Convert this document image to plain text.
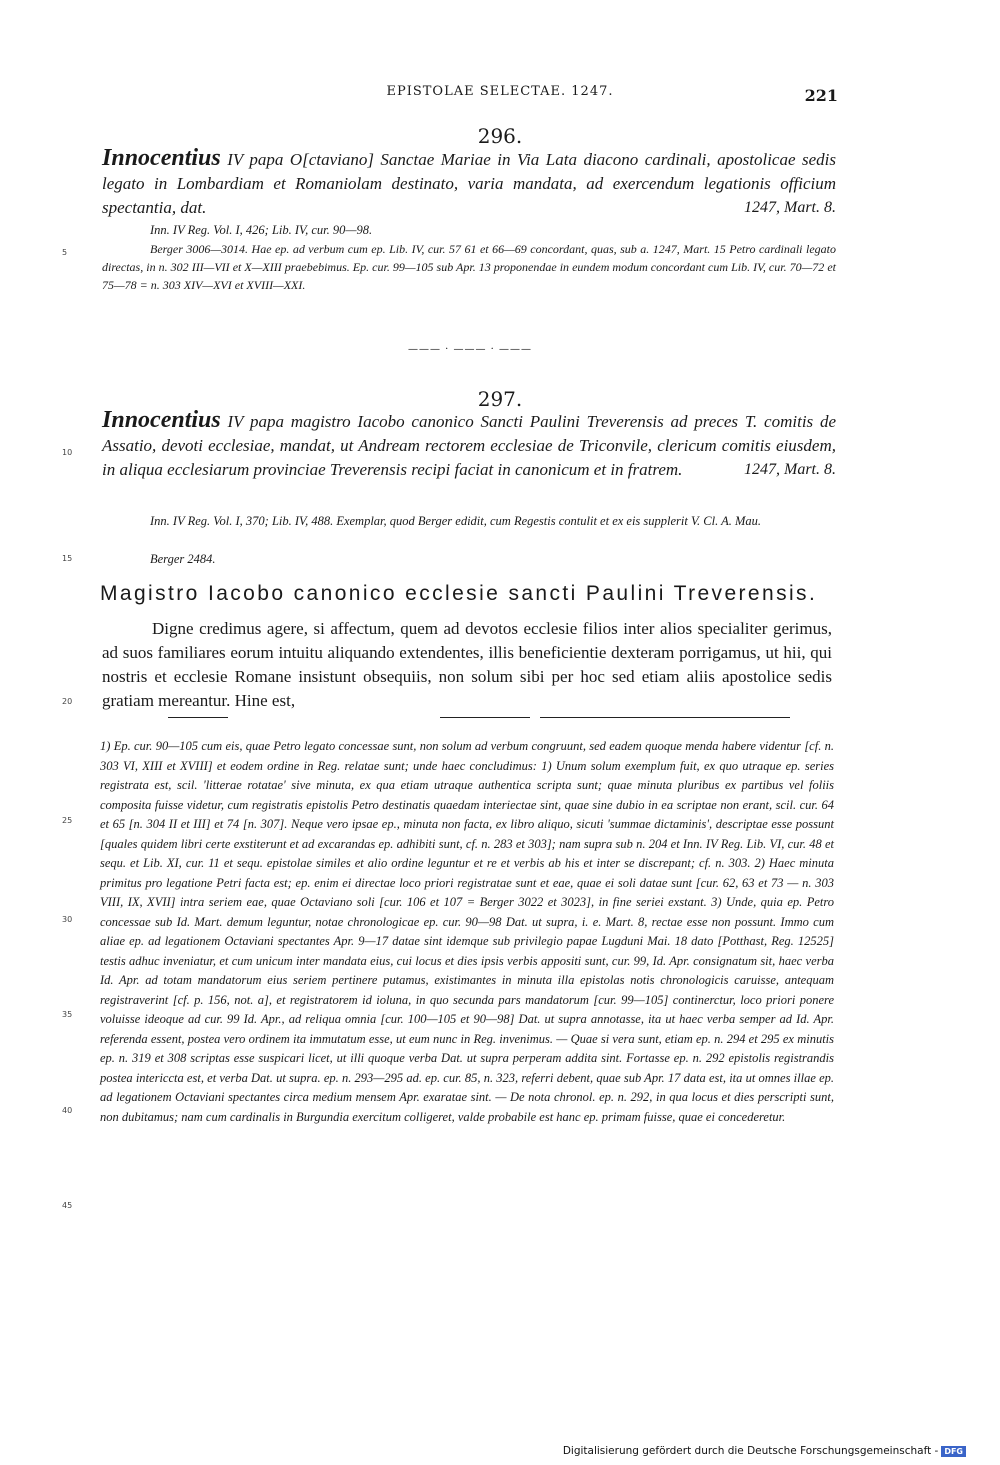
EPISTOLAE SELECTAE. 1247.	221
296.
Innocentius IV papa O[ctaviano] Sanctae Mariae in Via Lata diacono cardinali, apostolicae sedis legato in Lombardiam et Romaniolam destinato, varia mandata, ad exercendum legationis officium spectantia, dat.	1247, Mart. 8.
Inn. IV Reg. Vol. I, 426; Lib. IV, cur. 90—98.
Berger 3006—3014. Hae ep. ad verbum cum ep. Lib. IV, cur. 57 61 et 66—69 concordant, quas, sub a. 1247, Mart. 15 Petro cardinali legato directas, in n. 302 III—VII et X—XIII praebebimus. Ep. cur. 99—105 sub Apr. 13 proponendae in eundem modum concordant cum Lib. IV, cur. 70—72 et 75—78 = n. 303 XIV—XVI et XVIII—XXI.
——— · ——— · ———
297.
Innocentius IV papa magistro Iacobo canonico Sancti Paulini Treverensis ad preces T. comitis de Assatio, devoti ecclesiae, mandat, ut Andream rectorem ecclesiae de Triconvile, clericum comitis eiusdem, in aliqua ecclesiarum provinciae Treverensis recipi faciat in canonicum et in fratrem.	1247, Mart. 8.
Inn. IV Reg. Vol. I, 370; Lib. IV, 488. Exemplar, quod Berger edidit, cum Regestis contulit et ex eis supplerit V. Cl. A. Mau.
Berger 2484.
Magistro Iacobo canonico ecclesie sancti Paulini Treverensis.
Digne credimus agere, si affectum, quem ad devotos ecclesie filios inter alios specialiter gerimus, ad suos familiares eorum intuitu aliquando extendentes, illis beneficientie dexteram porrigamus, ut hii, qui nostris et ecclesie Romane insistunt obsequiis, non solum sibi per hoc sed etiam aliis apostolice sedis gratiam mereantur. Hine est,
1) Ep. cur. 90—105 cum eis, quae Petro legato concessae sunt, non solum ad verbum congruunt, sed eadem quoque menda habere videntur [cf. n. 303 VI, XIII et XVIII] et eodem ordine in Reg. relatae sunt; unde haec concludimus: 1) Unum solum exemplum fuit, ex quo utraque ep. series registrata est, scil. 'litterae rotatae' sive minuta, ex qua etiam utraque authentica scripta sunt; quae minuta pluribus ex partibus vel foliis composita fuisse videtur, cum registratis epistolis Petro destinatis quaedam interiectae sint, quae sine dubio in ea scriptae non erant, scil. cur. 64 et 65 [n. 304 II et III] et 74 [n. 307]. Neque vero ipsae ep., minuta non facta, ex libro aliquo, sicuti 'summae dictaminis', descriptae esse possunt [quales quidem libri certe exstiterunt et ad excarandas ep. adhibiti sunt, cf. n. 283 et 303]; nam supra sub n. 204 et Inn. IV Reg. Lib. VI, cur. 48 et sequ. et Lib. XI, cur. 11 et sequ. epistolae similes et alio ordine leguntur et re et verbis ab his et inter se discrepant; cf. n. 303. 2) Haec minuta primitus pro legatione Petri facta est; ep. enim ei directae loco priori registratae sunt et eae, quae ei soli datae sunt [cur. 62, 63 et 73 — n. 303 VIII, IX, XVII] intra seriem eae, quae Octaviano soli [cur. 106 et 107 = Berger 3022 et 3023], in fine seriei exstant. 3) Unde, quia ep. Petro concessae sub Id. Mart. demum leguntur, notae chronologicae ep. cur. 90—98 Dat. ut supra, i. e. Mart. 8, rectae esse non possunt. Immo cum aliae ep. ad legationem Octaviani spectantes Apr. 9—17 datae sint idemque sub privilegio papae Lugduni Mai. 18 dato [Potthast, Reg. 12525] testis adhuc inveniatur, et cum unicum inter mandata eius, cui locus et dies ipsis verbis appositi sunt, cur. 99, Id. Apr. consignatum sit, haec verba Id. Apr. ad totam mandatorum eius seriem pertinere putamus, existimantes in minuta illa epistolas notis chronologicis caruisse, antequam registraverint [cf. p. 156, not. a], et registratorem id ioluna, in quo secunda pars mandatorum [cur. 99—105] continerctur, loco priori ponere voluisse ideoque ad cur. 99 Id. Apr., ad reliqua omnia [cur. 100—105 et 90—98] Dat. ut supra annotasse, ita ut haec verba semper ad Id. Apr. referenda essent, postea vero ordinem ita immutatum esse, ut eum nunc in Reg. invenimus. — Quae si vera sunt, etiam ep. n. 294 et 295 ex minutis ep. n. 319 et 308 scriptas esse suspicari licet, ut illi quoque verba Dat. ut supra perperam addita sint. Fortasse ep. n. 292 epistolis registrandis postea intericcta est, et verba Dat. ut supra. ep. n. 293—295 ad. ep. cur. 85, n. 323, referri debent, quae sub Apr. 17 data est, ita ut omnes illae ep. ad legationem Octaviani spectantes circa medium mensem Apr. exaratae sint. — De nota chronol. ep. n. 292, in qua locus et dies perscripti sunt, non dubitamus; nam cum cardinalis in Burgundia exercitum colligeret, valde probabile est hanc ep. primam fuisse, quae ei concederetur.
5
10
15
20
25
30
35
40
45
Digitalisierung gefördert durch die Deutsche Forschungsgemeinschaft - DFG
